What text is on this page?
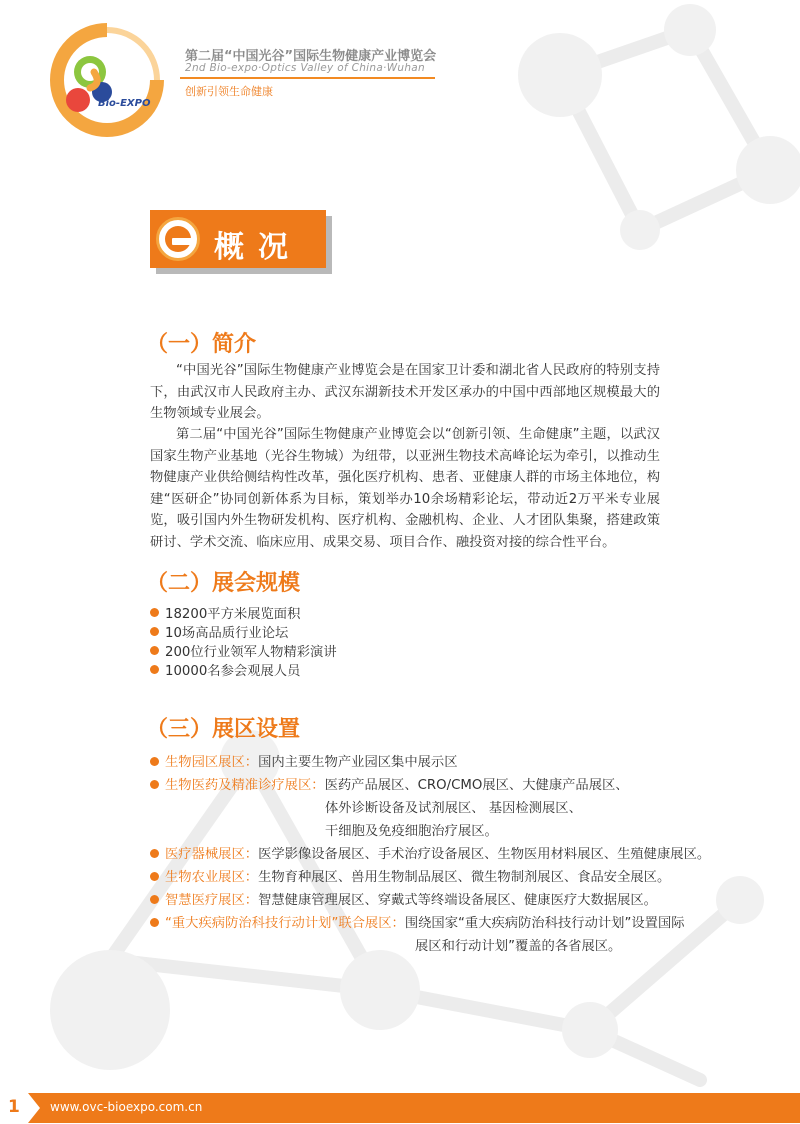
Bio-EXPO
第二届“中国光谷”国际生物健康产业博览会
2nd Bio-expo·Optics Valley of China·Wuhan
创新引领生命健康
概况
（一）简介

“中国光谷”国际生物健康产业博览会是在国家卫计委和湖北省人民政府的特别支持下，由武汉市人民政府主办、武汉东湖新技术开发区承办的中国中西部地区规模最大的生物领域专业展会。

第二届“中国光谷”国际生物健康产业博览会以“创新引领、生命健康”主题，以武汉国家生物产业基地（光谷生物城）为纽带，以亚洲生物技术高峰论坛为牵引，以推动生物健康产业供给侧结构性改革，强化医疗机构、患者、亚健康人群的市场主体地位，构建“医研企”协同创新体系为目标，策划举办10余场精彩论坛，带动近2万平米专业展览，吸引国内外生物研发机构、医疗机构、金融机构、企业、人才团队集聚，搭建政策研讨、学术交流、临床应用、成果交易、项目合作、融投资对接的综合性平台。

（二）展会规模
18200平方米展览面积
10场高品质行业论坛
200位行业领军人物精彩演讲
10000名参会观展人员
（三）展区设置
生物园区展区：国内主要生物产业园区集中展示区
生物医药及精准诊疗展区：医药产品展区、CRO/CMO展区、大健康产品展区、
体外诊断设备及试剂展区、 基因检测展区、
干细胞及免疫细胞治疗展区。
医疗器械展区：医学影像设备展区、手术治疗设备展区、生物医用材料展区、生殖健康展区。
生物农业展区：生物育种展区、兽用生物制品展区、微生物制剂展区、食品安全展区。
智慧医疗展区：智慧健康管理展区、穿戴式等终端设备展区、健康医疗大数据展区。
“重大疾病防治科技行动计划”联合展区：围绕国家“重大疾病防治科技行动计划”设置国际
展区和行动计划”覆盖的各省展区。
1	www.ovc-bioexpo.com.cn
